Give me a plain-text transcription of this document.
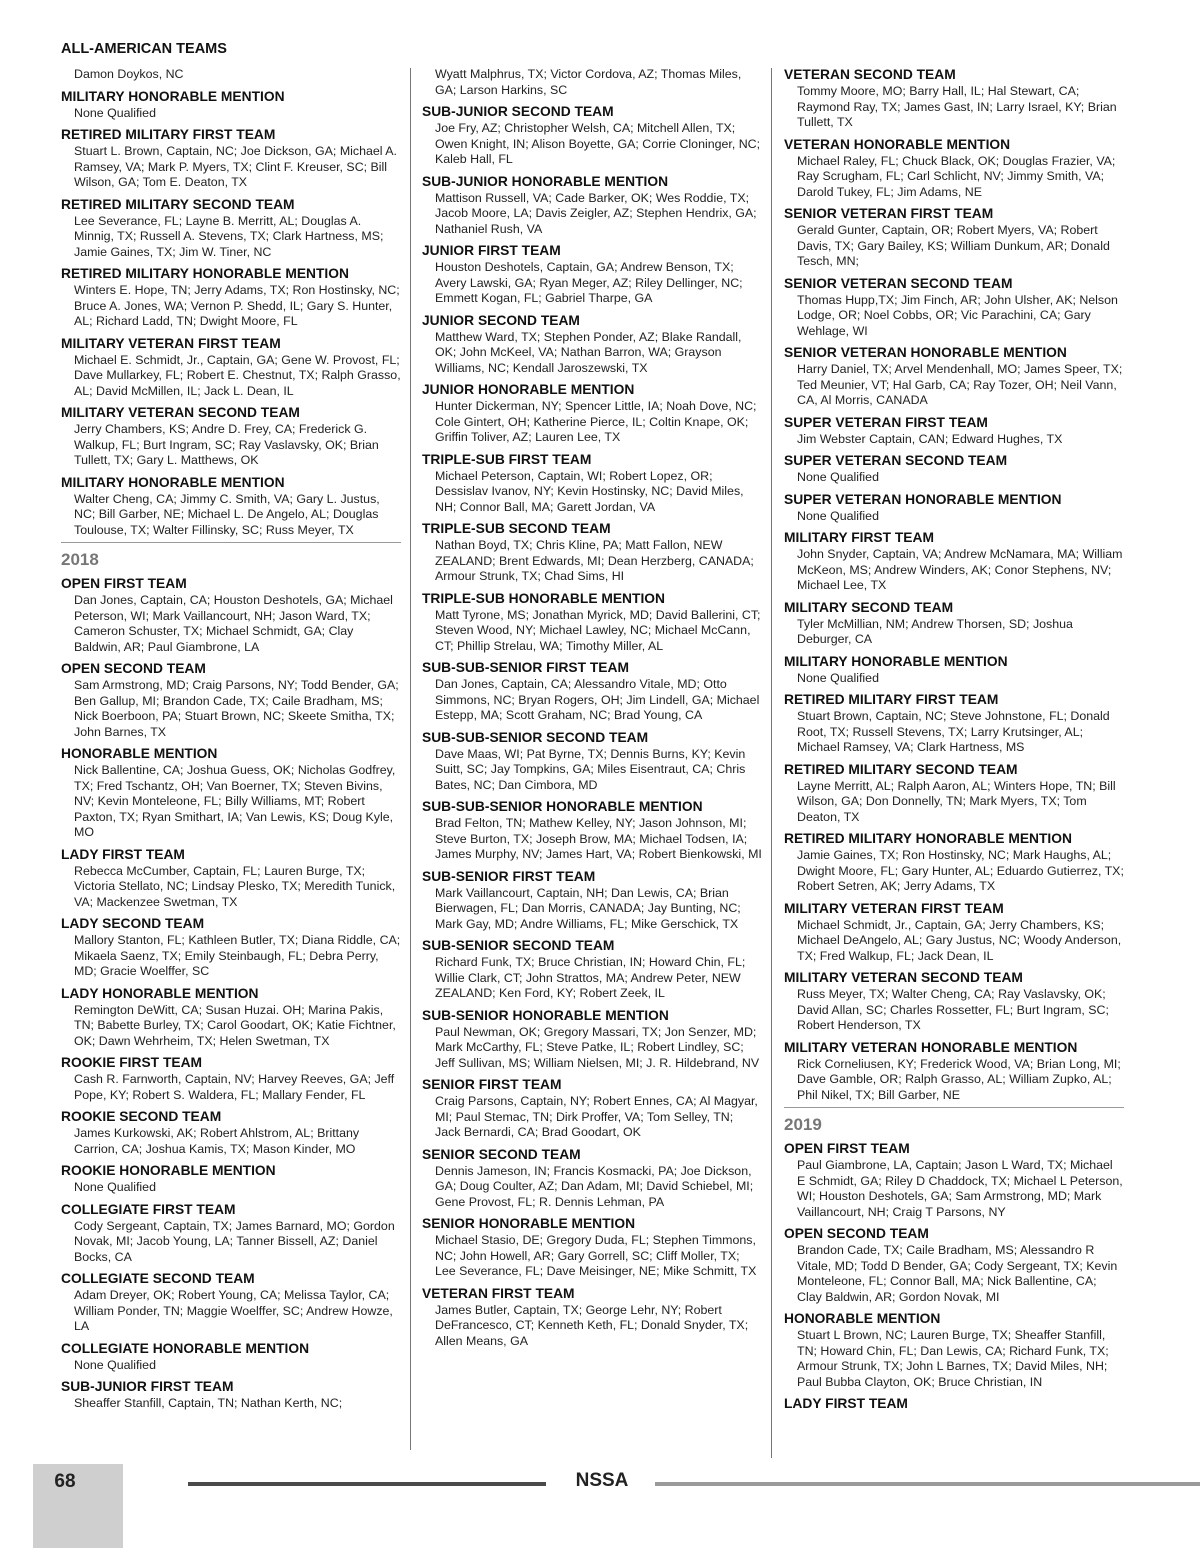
ALL-AMERICAN TEAMS
Damon Doykos, NC
MILITARY HONORABLE MENTION
None Qualified
RETIRED MILITARY FIRST TEAM
Stuart L. Brown, Captain, NC; Joe Dickson, GA; Michael A. Ramsey, VA; Mark P. Myers, TX; Clint F. Kreuser, SC; Bill Wilson, GA; Tom E. Deaton, TX
RETIRED MILITARY SECOND TEAM
Lee Severance, FL; Layne B. Merritt, AL; Douglas A. Minnig, TX; Russell A. Stevens, TX; Clark Hartness, MS; Jamie Gaines, TX; Jim W. Tiner, NC
RETIRED MILITARY HONORABLE MENTION
Winters E. Hope, TN; Jerry Adams, TX; Ron Hostinsky, NC; Bruce A. Jones, WA; Vernon P. Shedd, IL; Gary S. Hunter, AL; Richard Ladd, TN; Dwight Moore, FL
MILITARY VETERAN FIRST TEAM
Michael E. Schmidt, Jr., Captain, GA; Gene W. Provost, FL; Dave Mullarkey, FL; Robert E. Chestnut, TX; Ralph Grasso, AL; David McMillen, IL; Jack L. Dean, IL
MILITARY VETERAN SECOND TEAM
Jerry Chambers, KS; Andre D. Frey, CA; Frederick G. Walkup, FL; Burt Ingram, SC; Ray Vaslavsky, OK; Brian Tullett, TX; Gary L. Matthews, OK
MILITARY HONORABLE MENTION
Walter Cheng, CA; Jimmy C. Smith, VA; Gary L. Justus, NC; Bill Garber, NE; Michael L. De Angelo, AL; Douglas Toulouse, TX; Walter Fillinsky, SC; Russ Meyer, TX
2018
OPEN FIRST TEAM
Dan Jones, Captain, CA; Houston Deshotels, GA; Michael Peterson, WI; Mark Vaillancourt, NH; Jason Ward, TX; Cameron Schuster, TX; Michael Schmidt, GA; Clay Baldwin, AR; Paul Giambrone, LA
OPEN SECOND TEAM
Sam Armstrong, MD; Craig Parsons, NY; Todd Bender, GA; Ben Gallup, MI; Brandon Cade, TX; Caile Bradham, MS; Nick Boerboon, PA; Stuart Brown, NC; Skeete Smitha, TX; John Barnes, TX
HONORABLE MENTION
Nick Ballentine, CA; Joshua Guess, OK; Nicholas Godfrey, TX; Fred Tschantz, OH; Van Boerner, TX; Steven Bivins, NV; Kevin Monteleone, FL; Billy Williams, MT; Robert Paxton, TX; Ryan Smithart, IA; Van Lewis, KS; Doug Kyle, MO
LADY FIRST TEAM
Rebecca McCumber, Captain, FL; Lauren Burge, TX; Victoria Stellato, NC; Lindsay Plesko, TX; Meredith Tunick, VA; Mackenzee Swetman, TX
LADY SECOND TEAM
Mallory Stanton, FL; Kathleen Butler, TX; Diana Riddle, CA; Mikaela Saenz, TX; Emily Steinbaugh, FL; Debra Perry, MD; Gracie Woelffer, SC
LADY HONORABLE MENTION
Remington DeWitt, CA; Susan Huzai. OH; Marina Pakis, TN; Babette Burley, TX; Carol Goodart, OK; Katie Fichtner, OK; Dawn Wehrheim, TX; Helen Swetman, TX
ROOKIE FIRST TEAM
Cash R. Farnworth, Captain, NV; Harvey Reeves, GA; Jeff Pope, KY; Robert S. Waldera, FL; Mallary Fender, FL
ROOKIE SECOND TEAM
James Kurkowski, AK; Robert Ahlstrom, AL; Brittany Carrion, CA; Joshua Kamis, TX; Mason Kinder, MO
ROOKIE HONORABLE MENTION
None Qualified
COLLEGIATE FIRST TEAM
Cody Sergeant, Captain, TX; James Barnard, MO; Gordon Novak, MI; Jacob Young, LA; Tanner Bissell, AZ; Daniel Bocks, CA
COLLEGIATE SECOND TEAM
Adam Dreyer, OK; Robert Young, CA; Melissa Taylor, CA; William Ponder, TN; Maggie Woelffer, SC; Andrew Howze, LA
COLLEGIATE HONORABLE MENTION
None Qualified
SUB-JUNIOR FIRST TEAM
Sheaffer Stanfill, Captain, TN; Nathan Kerth, NC;
Wyatt Malphrus, TX; Victor Cordova, AZ; Thomas Miles, GA; Larson Harkins, SC
SUB-JUNIOR SECOND TEAM
Joe Fry, AZ; Christopher Welsh, CA; Mitchell Allen, TX; Owen Knight, IN; Alison Boyette, GA; Corrie Cloninger, NC; Kaleb Hall, FL
SUB-JUNIOR HONORABLE MENTION
Mattison Russell, VA; Cade Barker, OK; Wes Roddie, TX; Jacob Moore, LA; Davis Zeigler, AZ; Stephen Hendrix, GA; Nathaniel Rush, VA
JUNIOR FIRST TEAM
Houston Deshotels, Captain, GA; Andrew Benson, TX; Avery Lawski, GA; Ryan Meger, AZ; Riley Dellinger, NC; Emmett Kogan, FL; Gabriel Tharpe, GA
JUNIOR SECOND TEAM
Matthew Ward, TX; Stephen Ponder, AZ; Blake Randall, OK; John McKeel, VA; Nathan Barron, WA; Grayson Williams, NC; Kendall Jaroszewski, TX
JUNIOR HONORABLE MENTION
Hunter Dickerman, NY; Spencer Little, IA; Noah Dove, NC; Cole Gintert, OH; Katherine Pierce, IL; Coltin Knape, OK; Griffin Toliver, AZ; Lauren Lee, TX
TRIPLE-SUB FIRST TEAM
Michael Peterson, Captain, WI; Robert Lopez, OR; Dessislav Ivanov, NY; Kevin Hostinsky, NC; David Miles, NH; Connor Ball, MA; Garett Jordan, VA
TRIPLE-SUB SECOND TEAM
Nathan Boyd, TX; Chris Kline, PA; Matt Fallon, NEW ZEALAND; Brent Edwards, MI; Dean Herzberg, CANADA; Armour Strunk, TX; Chad Sims, HI
TRIPLE-SUB HONORABLE MENTION
Matt Tyrone, MS; Jonathan Myrick, MD; David Ballerini, CT; Steven Wood, NY; Michael Lawley, NC; Michael McCann, CT; Phillip Strelau, WA; Timothy Miller, AL
SUB-SUB-SENIOR FIRST TEAM
Dan Jones, Captain, CA; Alessandro Vitale, MD; Otto Simmons, NC; Bryan Rogers, OH; Jim Lindell, GA; Michael Estepp, MA; Scott Graham, NC; Brad Young, CA
SUB-SUB-SENIOR SECOND TEAM
Dave Maas, WI; Pat Byrne, TX; Dennis Burns, KY; Kevin Suitt, SC; Jay Tompkins, GA; Miles Eisentraut, CA; Chris Bates, NC; Dan Cimbora, MD
SUB-SUB-SENIOR HONORABLE MENTION
Brad Felton, TN; Mathew Kelley, NY; Jason Johnson, MI; Steve Burton, TX; Joseph Brow, MA; Michael Todsen, IA; James Murphy, NV; James Hart, VA; Robert Bienkowski, MI
SUB-SENIOR FIRST TEAM
Mark Vaillancourt, Captain, NH; Dan Lewis, CA; Brian Bierwagen, FL; Dan Morris, CANADA; Jay Bunting, NC; Mark Gay, MD; Andre Williams, FL; Mike Gerschick, TX
SUB-SENIOR SECOND TEAM
Richard Funk, TX; Bruce Christian, IN; Howard Chin, FL; Willie Clark, CT; John Strattos, MA; Andrew Peter, NEW ZEALAND; Ken Ford, KY; Robert Zeek, IL
SUB-SENIOR HONORABLE MENTION
Paul Newman, OK; Gregory Massari, TX; Jon Senzer, MD; Mark McCarthy, FL; Steve Patke, IL; Robert Lindley, SC; Jeff Sullivan, MS; William Nielsen, MI; J. R. Hildebrand, NV
SENIOR FIRST TEAM
Craig Parsons, Captain, NY; Robert Ennes, CA; Al Magyar, MI; Paul Stemac, TN; Dirk Proffer, VA; Tom Selley, TN; Jack Bernardi, CA; Brad Goodart, OK
SENIOR SECOND TEAM
Dennis Jameson, IN; Francis Kosmacki, PA; Joe Dickson, GA; Doug Coulter, AZ; Dan Adam, MI; David Schiebel, MI; Gene Provost, FL; R. Dennis Lehman, PA
SENIOR HONORABLE MENTION
Michael Stasio, DE; Gregory Duda, FL; Stephen Timmons, NC; John Howell, AR; Gary Gorrell, SC; Cliff Moller, TX; Lee Severance, FL; Dave Meisinger, NE; Mike Schmitt, TX
VETERAN FIRST TEAM
James Butler, Captain, TX; George Lehr, NY; Robert DeFrancesco, CT; Kenneth Keth, FL; Donald Snyder, TX; Allen Means, GA
VETERAN SECOND TEAM
Tommy Moore, MO; Barry Hall, IL; Hal Stewart, CA; Raymond Ray, TX; James Gast, IN; Larry Israel, KY; Brian Tullett, TX
VETERAN HONORABLE MENTION
Michael Raley, FL; Chuck Black, OK; Douglas Frazier, VA; Ray Scrugham, FL; Carl Schlicht, NV; Jimmy Smith, VA; Darold Tukey, FL; Jim Adams, NE
SENIOR VETERAN FIRST TEAM
Gerald Gunter, Captain, OR; Robert Myers, VA; Robert Davis, TX; Gary Bailey, KS; William Dunkum, AR; Donald Tesch, MN;
SENIOR VETERAN SECOND TEAM
Thomas Hupp,TX; Jim Finch, AR; John Ulsher, AK; Nelson Lodge, OR; Noel Cobbs, OR; Vic Parachini, CA; Gary Wehlage, WI
SENIOR VETERAN HONORABLE MENTION
Harry Daniel, TX; Arvel Mendenhall, MO; James Speer, TX; Ted Meunier, VT; Hal Garb, CA; Ray Tozer, OH; Neil Vann, CA, Al Morris, CANADA
SUPER VETERAN FIRST TEAM
Jim Webster Captain, CAN; Edward Hughes, TX
SUPER VETERAN SECOND TEAM
None Qualified
SUPER VETERAN HONORABLE MENTION
None Qualified
MILITARY FIRST TEAM
John Snyder, Captain, VA; Andrew McNamara, MA; William McKeon, MS; Andrew Winders, AK; Conor Stephens, NV; Michael Lee, TX
MILITARY SECOND TEAM
Tyler McMillian, NM; Andrew Thorsen, SD; Joshua Deburger, CA
MILITARY HONORABLE MENTION
None Qualified
RETIRED MILITARY FIRST TEAM
Stuart Brown, Captain, NC; Steve Johnstone, FL; Donald Root, TX; Russell Stevens, TX; Larry Krutsinger, AL; Michael Ramsey, VA; Clark Hartness, MS
RETIRED MILITARY SECOND TEAM
Layne Merritt, AL; Ralph Aaron, AL; Winters Hope, TN; Bill Wilson, GA; Don Donnelly, TN; Mark Myers, TX; Tom Deaton, TX
RETIRED MILITARY HONORABLE MENTION
Jamie Gaines, TX; Ron Hostinsky, NC; Mark Haughs, AL; Dwight Moore, FL; Gary Hunter, AL; Eduardo Gutierrez, TX; Robert Setren, AK; Jerry Adams, TX
MILITARY VETERAN FIRST TEAM
Michael Schmidt, Jr., Captain, GA; Jerry Chambers, KS; Michael DeAngelo, AL; Gary Justus, NC; Woody Anderson, TX; Fred Walkup, FL; Jack Dean, IL
MILITARY VETERAN SECOND TEAM
Russ Meyer, TX; Walter Cheng, CA; Ray Vaslavsky, OK; David Allan, SC; Charles Rossetter, FL; Burt Ingram, SC; Robert Henderson, TX
MILITARY VETERAN HONORABLE MENTION
Rick Corneliusen, KY; Frederick Wood, VA; Brian Long, MI; Dave Gamble, OR; Ralph Grasso, AL; William Zupko, AL; Phil Nikel, TX; Bill Garber, NE
2019
OPEN FIRST TEAM
Paul Giambrone, LA, Captain; Jason L Ward, TX; Michael E Schmidt, GA; Riley D Chaddock, TX; Michael L Peterson, WI; Houston Deshotels, GA; Sam Armstrong, MD; Mark Vaillancourt, NH; Craig T Parsons, NY
OPEN SECOND TEAM
Brandon Cade, TX; Caile Bradham, MS; Alessandro R Vitale, MD; Todd D Bender, GA; Cody Sergeant, TX; Kevin Monteleone, FL; Connor Ball, MA; Nick Ballentine, CA; Clay Baldwin, AR; Gordon Novak, MI
HONORABLE MENTION
Stuart L Brown, NC; Lauren Burge, TX; Sheaffer Stanfill, TN; Howard Chin, FL; Dan Lewis, CA; Richard Funk, TX; Armour Strunk, TX; John L Barnes, TX; David Miles, NH; Paul Bubba Clayton, OK; Bruce Christian, IN
LADY FIRST TEAM
68	NSSA
